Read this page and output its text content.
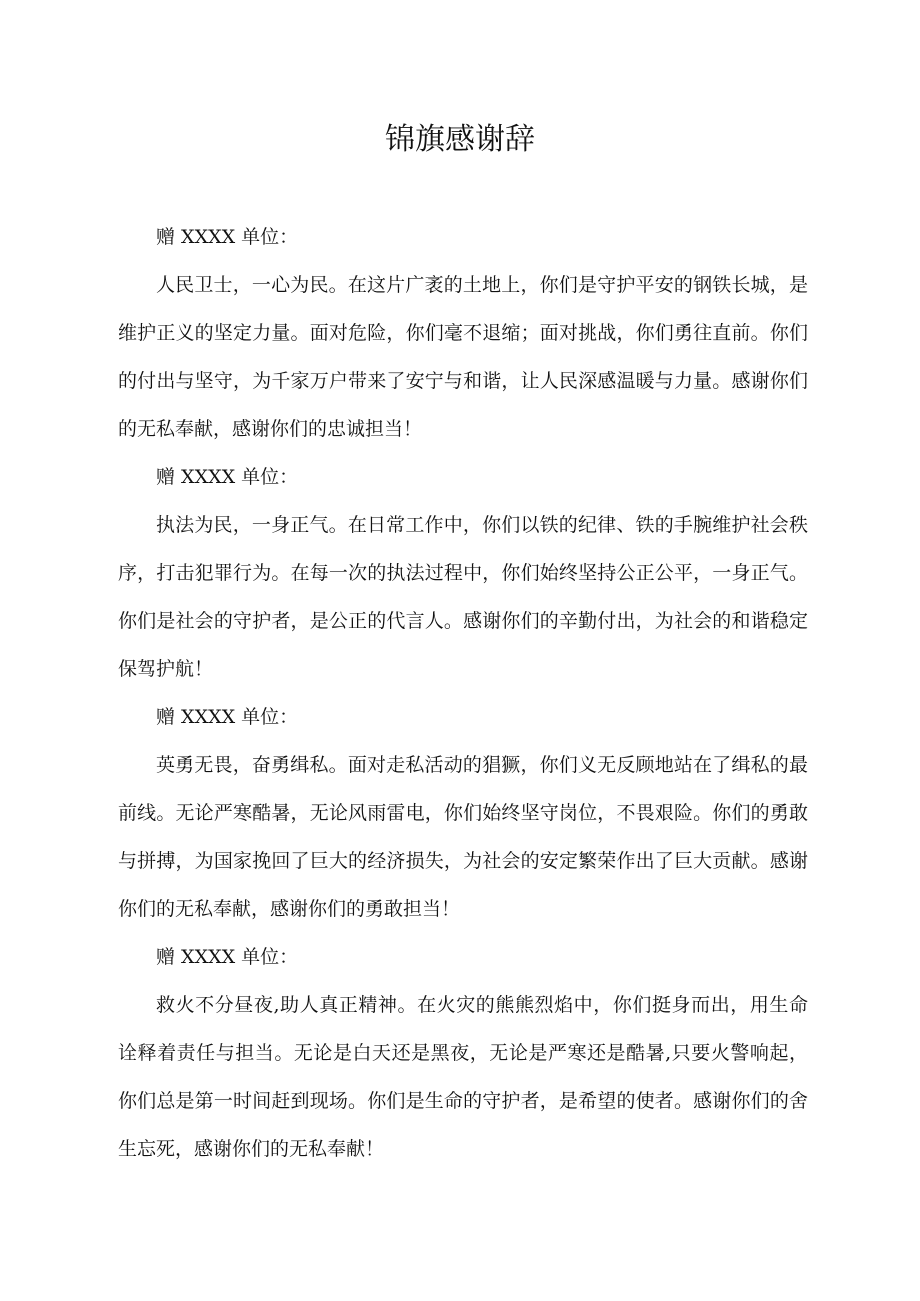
锦旗感谢辞

赠 XXXX 单位：

人民卫士，一心为民。在这片广袤的土地上，你们是守护平安的钢铁长城，是维护正义的坚定力量。面对危险，你们毫不退缩；面对挑战，你们勇往直前。你们的付出与坚守，为千家万户带来了安宁与和谐，让人民深感温暖与力量。感谢你们的无私奉献，感谢你们的忠诚担当！

赠 XXXX 单位：

执法为民，一身正气。在日常工作中，你们以铁的纪律、铁的手腕维护社会秩序，打击犯罪行为。在每一次的执法过程中，你们始终坚持公正公平，一身正气。你们是社会的守护者，是公正的代言人。感谢你们的辛勤付出，为社会的和谐稳定保驾护航！

赠 XXXX 单位：

英勇无畏，奋勇缉私。面对走私活动的猖獗，你们义无反顾地站在了缉私的最前线。无论严寒酷暑，无论风雨雷电，你们始终坚守岗位，不畏艰险。你们的勇敢与拼搏，为国家挽回了巨大的经济损失，为社会的安定繁荣作出了巨大贡献。感谢你们的无私奉献，感谢你们的勇敢担当！

赠 XXXX 单位：

救火不分昼夜,助人真正精神。在火灾的熊熊烈焰中，你们挺身而出，用生命诠释着责任与担当。无论是白天还是黑夜，无论是严寒还是酷暑,只要火警响起，你们总是第一时间赶到现场。你们是生命的守护者，是希望的使者。感谢你们的舍生忘死，感谢你们的无私奉献！
